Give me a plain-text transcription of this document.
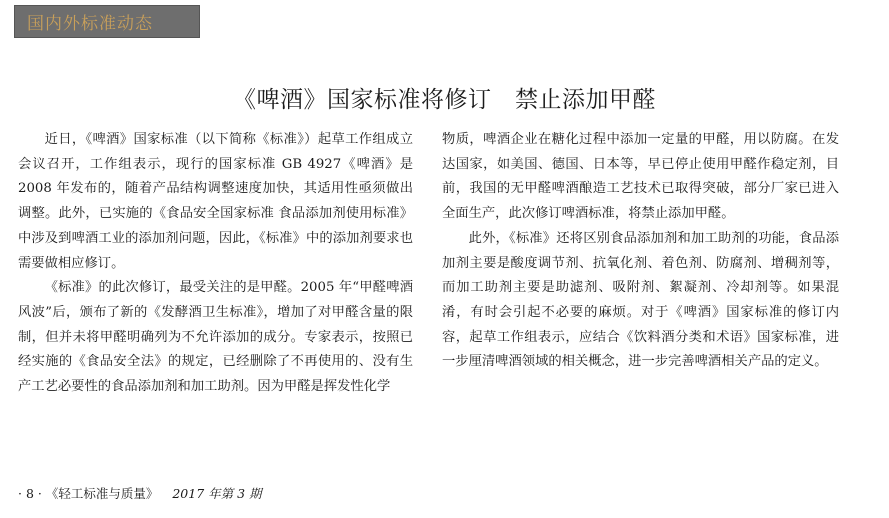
国内外标准动态
《啤酒》国家标准将修订   禁止添加甲醛

近日，《啤酒》国家标准（以下简称《标准》）起草工作组成立会议召开，工作组表示，现行的国家标准 GB 4927《啤酒》是 2008 年发布的，随着产品结构调整速度加快，其适用性亟须做出调整。此外，已实施的《食品安全国家标准 食品添加剂使用标准》中涉及到啤酒工业的添加剂问题，因此，《标准》中的添加剂要求也需要做相应修订。

《标准》的此次修订，最受关注的是甲醛。2005 年“甲醛啤酒风波”后，颁布了新的《发酵酒卫生标准》，增加了对甲醛含量的限制，但并未将甲醛明确列为不允许添加的成分。专家表示，按照已经实施的《食品安全法》的规定，已经删除了不再使用的、没有生产工艺必要性的食品添加剂和加工助剂。因为甲醛是挥发性化学

物质，啤酒企业在糖化过程中添加一定量的甲醛，用以防腐。在发达国家，如美国、德国、日本等，早已停止使用甲醛作稳定剂，目前，我国的无甲醛啤酒酿造工艺技术已取得突破，部分厂家已进入全面生产，此次修订啤酒标准，将禁止添加甲醛。

此外，《标准》还将区别食品添加剂和加工助剂的功能，食品添加剂主要是酸度调节剂、抗氧化剂、着色剂、防腐剂、增稠剂等，而加工助剂主要是助滤剂、吸附剂、絮凝剂、冷却剂等。如果混淆，有时会引起不必要的麻烦。对于《啤酒》国家标准的修订内容，起草工作组表示，应结合《饮料酒分类和术语》国家标准，进一步厘清啤酒领域的相关概念，进一步完善啤酒相关产品的定义。

· 8 · 《轻工标准与质量》 2017 年第 3 期
